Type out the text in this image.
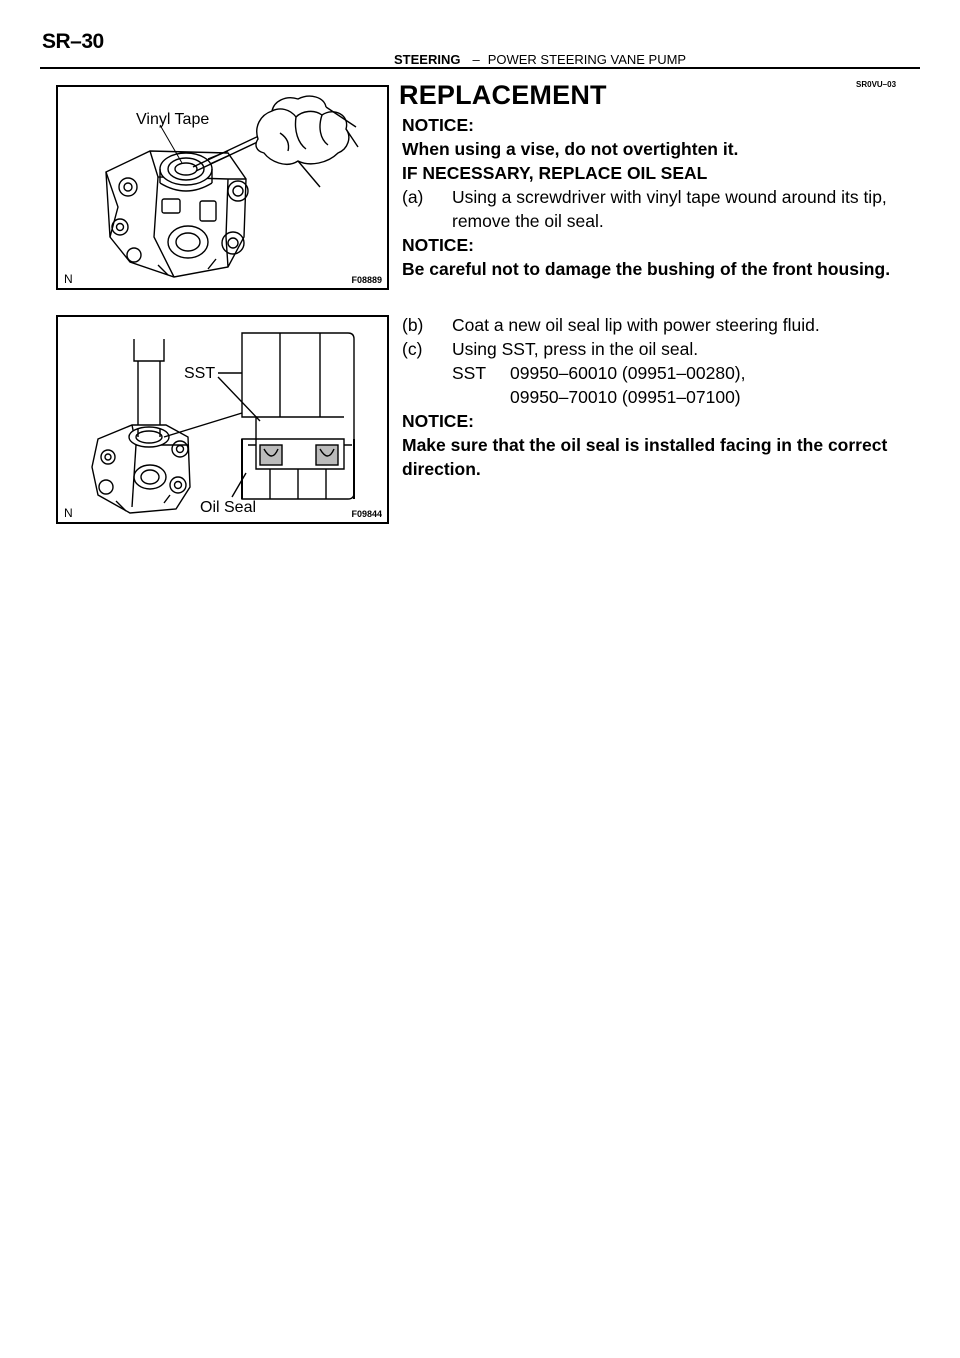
SR–30
STEERING – POWER STEERING VANE PUMP
SR0VU–03
Vinyl Tape
N	F08889
SST
Oil Seal
N	F09844
REPLACEMENT
NOTICE:
When using a vise, do not overtighten it.
IF NECESSARY, REPLACE OIL SEAL
(a) Using a screwdriver with vinyl tape wound around its tip, remove the oil seal.
NOTICE:
Be careful not to damage the bushing of the front housing.
(b) Coat a new oil seal lip with power steering fluid.
(c) Using SST, press in the oil seal.
SST 09950–60010 (09951–00280),
09950–70010 (09951–07100)
NOTICE:
Make sure that the oil seal is installed facing in the correct direction.
